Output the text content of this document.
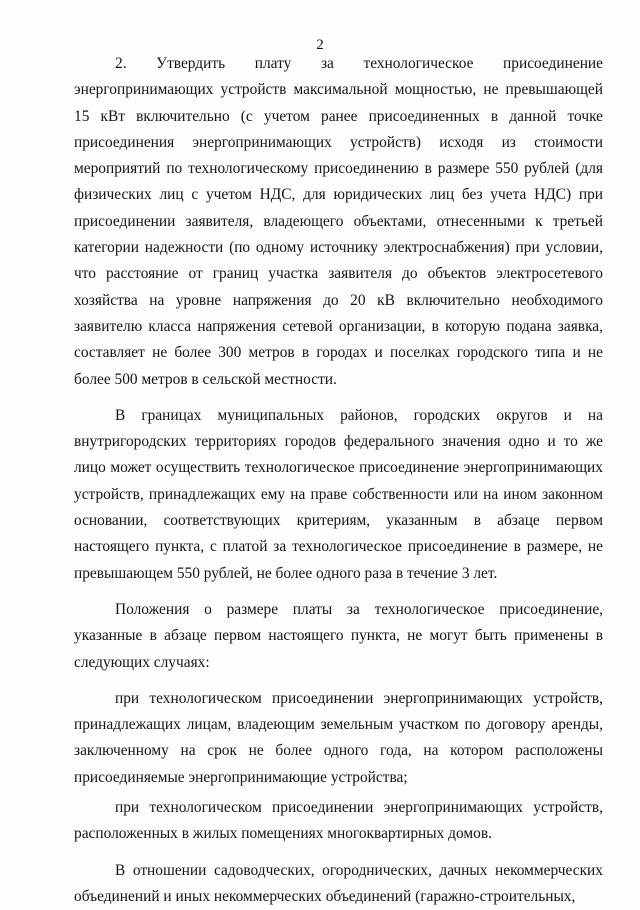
2

2. Утвердить плату за технологическое присоединение энергопринимающих устройств максимальной мощностью, не превышающей 15 кВт включительно (с учетом ранее присоединенных в данной точке присоединения энергопринимающих устройств) исходя из стоимости мероприятий по технологическому присоединению в размере 550 рублей (для физических лиц с учетом НДС, для юридических лиц без учета НДС) при присоединении заявителя, владеющего объектами, отнесенными к третьей категории надежности (по одному источнику электроснабжения) при условии, что расстояние от границ участка заявителя до объектов электросетевого хозяйства на уровне напряжения до 20 кВ включительно необходимого заявителю класса напряжения сетевой организации, в которую подана заявка, составляет не более 300 метров в городах и поселках городского типа и не более 500 метров в сельской местности.

В границах муниципальных районов, городских округов и на внутригородских территориях городов федерального значения одно и то же лицо может осуществить технологическое присоединение энергопринимающих устройств, принадлежащих ему на праве собственности или на ином законном основании, соответствующих критериям, указанным в абзаце первом настоящего пункта, с платой за технологическое присоединение в размере, не превышающем 550 рублей, не более одного раза в течение 3 лет.

Положения о размере платы за технологическое присоединение, указанные в абзаце первом настоящего пункта, не могут быть применены в следующих случаях:

при технологическом присоединении энергопринимающих устройств, принадлежащих лицам, владеющим земельным участком по договору аренды, заключенному на срок не более одного года, на котором расположены присоединяемые энергопринимающие устройства;

при технологическом присоединении энергопринимающих устройств, расположенных в жилых помещениях многоквартирных домов.

В отношении садоводческих, огороднических, дачных некоммерческих объединений и иных некоммерческих объединений (гаражно-строительных,
